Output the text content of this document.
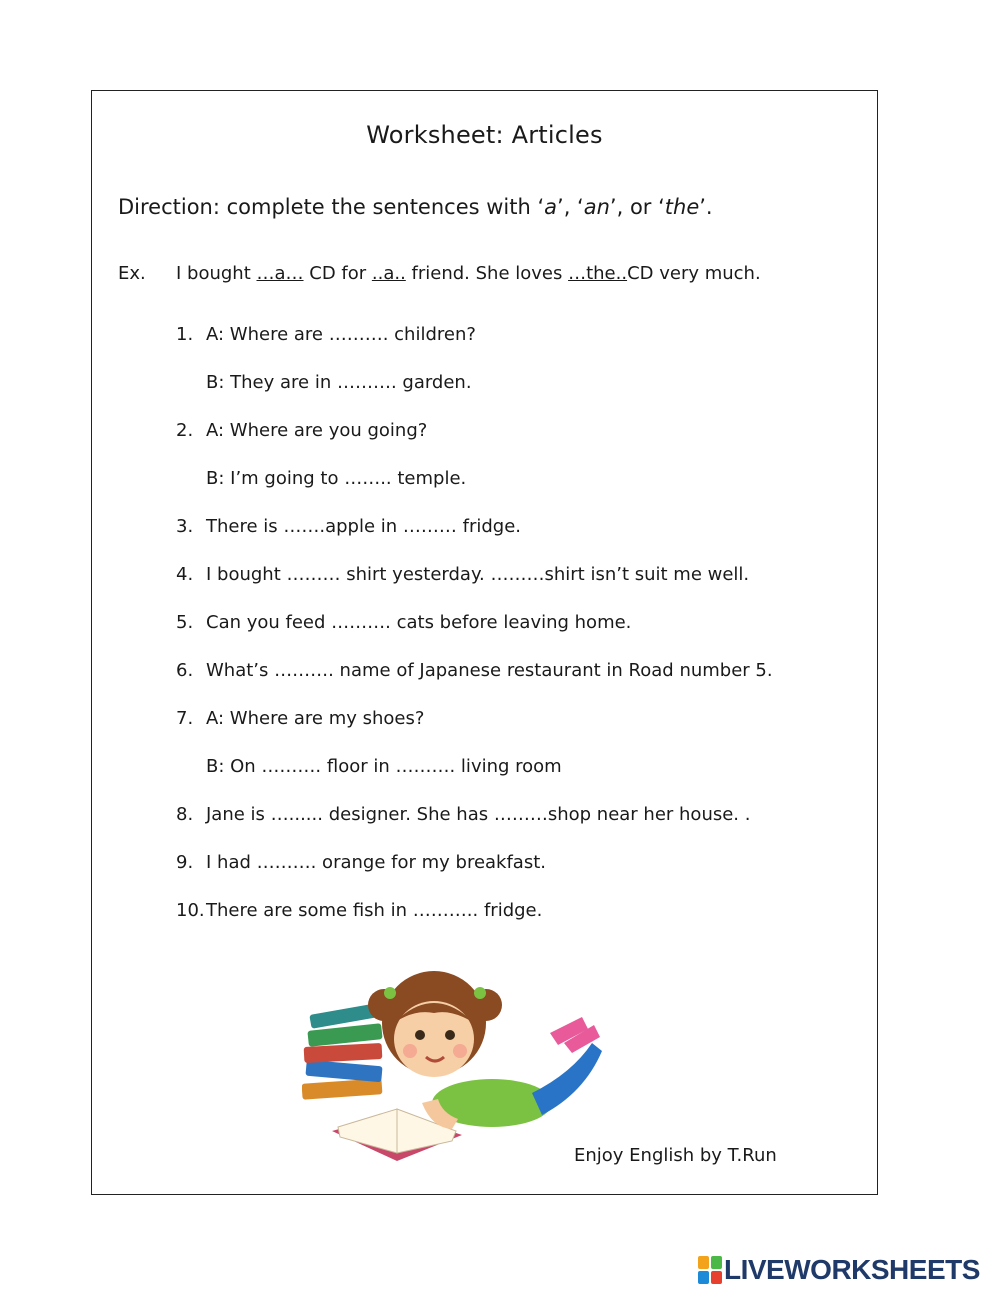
Worksheet: Articles
Direction: complete the sentences with ‘a’, ‘an’, or ‘the’.
Ex. I bought …a… CD for ..a.. friend. She loves …the..CD very much.
1. A: Where are ………. children?
B: They are in ………. garden.
2. A: Where are you going?
B: I’m going to …….. temple.
3. There is …….apple in ……… fridge.
4. I bought ……… shirt yesterday. ………shirt isn’t suit me well.
5. Can you feed ………. cats before leaving home.
6. What’s ………. name of Japanese restaurant in Road number 5.
7. A: Where are my shoes?
B: On ………. floor in ………. living room
8. Jane is …...... designer. She has ………shop near her house. .
9. I had ………. orange for my breakfast.
10.There are some fish in ……….. fridge.
Enjoy English by T.Run
LIVEWORKSHEETS
